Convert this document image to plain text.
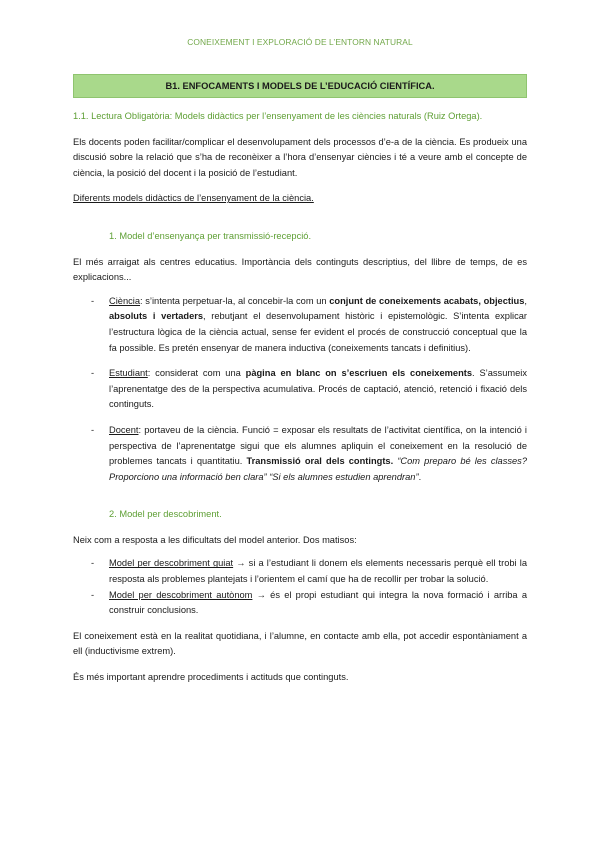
CONEIXEMENT I EXPLORACIÓ DE L’ENTORN NATURAL
B1. ENFOCAMENTS I MODELS DE L’EDUCACIÓ CIENTÍFICA.

1.1. Lectura Obligatòria: Models didàctics per l’ensenyament de les ciències naturals (Ruiz Ortega).

Els docents poden facilitar/complicar el desenvolupament dels processos d’e-a de la ciència. Es produeix una discusió sobre la relació que s’ha de reconèixer a l’hora d’ensenyar ciències i té a veure amb el concepte de ciència, la posició del docent i la posició de l’estudiant.

Diferents models didàctics de l’ensenyament de la ciència.

1. Model d’ensenyança per transmissió-recepció.

El més arraigat als centres educatius. Importància dels continguts descriptius, del llibre de temps, de es explicacions...

- Ciència: s’intenta perpetuar-la, al concebir-la com un conjunt de coneixements acabats, objectius, absoluts i vertaders, rebutjant el desenvolupament històric i epistemològic. S’intenta explicar l’estructura lògica de la ciència actual, sense fer evident el procés de construcció conceptual que la fa possible. Es pretén ensenyar de manera inductiva (coneixements tancats i definitius).
- Estudiant: considerat com una pàgina en blanc on s’escriuen els coneixements. S’assumeix l’aprenentatge des de la perspectiva acumulativa. Procés de captació, atenció, retenció i fixació dels continguts.
- Docent: portaveu de la ciència. Funció = exposar els resultats de l’activitat científica, on la intenció i perspectiva de l’aprenentatge sigui que els alumnes apliquin el coneixement en la resolució de problemes tancats i quantitatiu. Transmissió oral dels contingts. “Com preparo bé les classes? Proporciono una informació ben clara” “Si els alumnes estudien aprendran”.

2. Model per descobriment.

Neix com a resposta a les dificultats del model anterior. Dos matisos:

- Model per descobriment guiat → si a l’estudiant li donem els elements necessaris perquè ell trobi la resposta als problemes plantejats i l’orientem el camí que ha de recollir per trobar la solució.
- Model per descobriment autònom → és el propi estudiant qui integra la nova formació i arriba a construir conclusions.

El coneixement està en la realitat quotidiana, i l’alumne, en contacte amb ella, pot accedir espontàniament a ell (inductivisme extrem).

És més important aprendre procediments i actituds que continguts.
